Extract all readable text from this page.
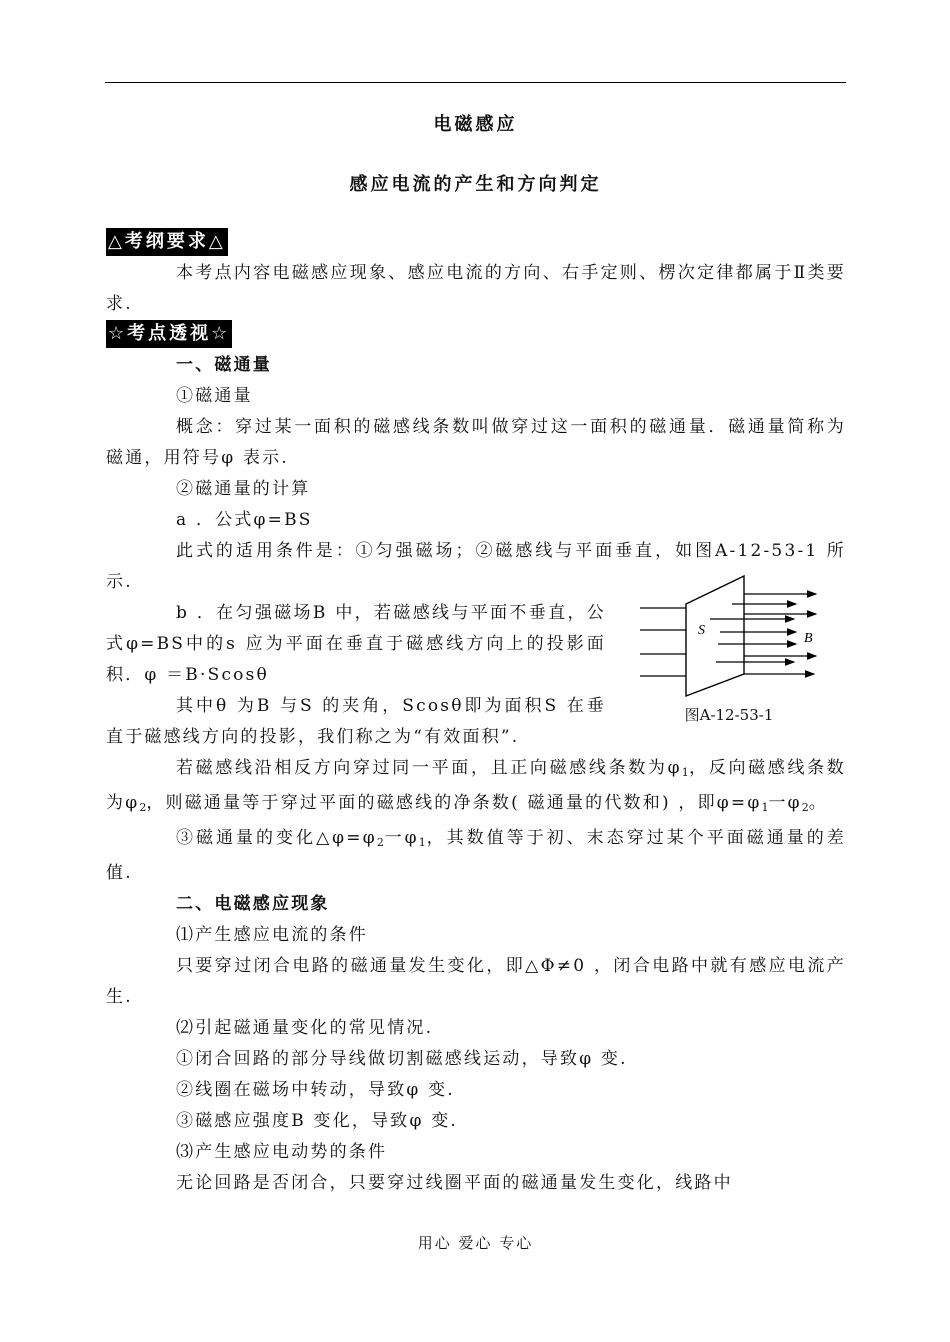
电磁感应
感应电流的产生和方向判定
△考纲要求△

本考点内容电磁感应现象、感应电流的方向、右手定则、楞次定律都属于Ⅱ类要求.

一、磁通量

①磁通量

概念：穿过某一面积的磁感线条数叫做穿过这一面积的磁通量．磁通量简称为磁通，用符号φ 表示.

②磁通量的计算

a ．公式φ=BS

此式的适用条件是：①匀强磁场；②磁感线与平面垂直，如图A-12-53-1 所示.

b ．在匀强磁场B 中，若磁感线与平面不垂直，公式φ=BS中的s 应为平面在垂直于磁感线方向上的投影面积．φ ＝B·Scosθ

其中θ 为B 与S 的夹角，Scosθ即为面积S 在垂直于磁感线方向的投影，我们称之为“有效面积”.

若磁感线沿相反方向穿过同一平面，且正向磁感线条数为$\varphi_1$，反向磁感线条数为$\varphi_2$，则磁通量等于穿过平面的磁感线的净条数( 磁通量的代数和) ，即$\varphi=\varphi_1$一$\varphi_2$。

③磁通量的变化$\triangle\varphi=\varphi_2$一$\varphi_1$，其数值等于初、末态穿过某个平面磁通量的差值.

二、电磁感应现象

⑴产生感应电流的条件

只要穿过闭合电路的磁通量发生变化，即△Φ≠0 ，闭合电路中就有感应电流产生.

⑵引起磁通量变化的常见情况.

①闭合回路的部分导线做切割磁感线运动，导致φ 变.

②线圈在磁场中转动，导致φ 变.

③磁感应强度B 变化，导致φ 变.

⑶产生感应电动势的条件

无论回路是否闭合，只要穿过线圈平面的磁通量发生变化，线路中

☆考点透视☆
S
B
图A-12-53-1
用心 爱心 专心
